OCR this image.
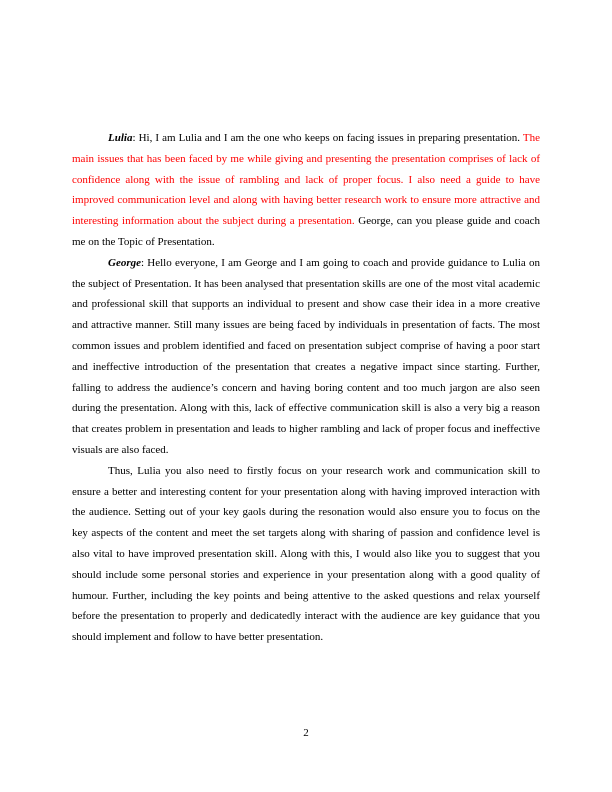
Lulia: Hi, I am Lulia and I am the one who keeps on facing issues in preparing presentation. The main issues that has been faced by me while giving and presenting the presentation comprises of lack of confidence along with the issue of rambling and lack of proper focus. I also need a guide to have improved communication level and along with having better research work to ensure more attractive and interesting information about the subject during a presentation. George, can you please guide and coach me on the Topic of Presentation.

George: Hello everyone, I am George and I am going to coach and provide guidance to Lulia on the subject of Presentation. It has been analysed that presentation skills are one of the most vital academic and professional skill that supports an individual to present and show case their idea in a more creative and attractive manner. Still many issues are being faced by individuals in presentation of facts. The most common issues and problem identified and faced on presentation subject comprise of having a poor start and ineffective introduction of the presentation that creates a negative impact since starting. Further, falling to address the audience’s concern and having boring content and too much jargon are also seen during the presentation. Along with this, lack of effective communication skill is also a very big a reason that creates problem in presentation and leads to higher rambling and lack of proper focus and ineffective visuals are also faced.

Thus, Lulia you also need to firstly focus on your research work and communication skill to ensure a better and interesting content for your presentation along with having improved interaction with the audience. Setting out of your key gaols during the resonation would also ensure you to focus on the key aspects of the content and meet the set targets along with sharing of passion and confidence level is also vital to have improved presentation skill. Along with this, I would also like you to suggest that you should include some personal stories and experience in your presentation along with a good quality of humour. Further, including the key points and being attentive to the asked questions and relax yourself before the presentation to properly and dedicatedly interact with the audience are key guidance that you should implement and follow to have better presentation.

2
